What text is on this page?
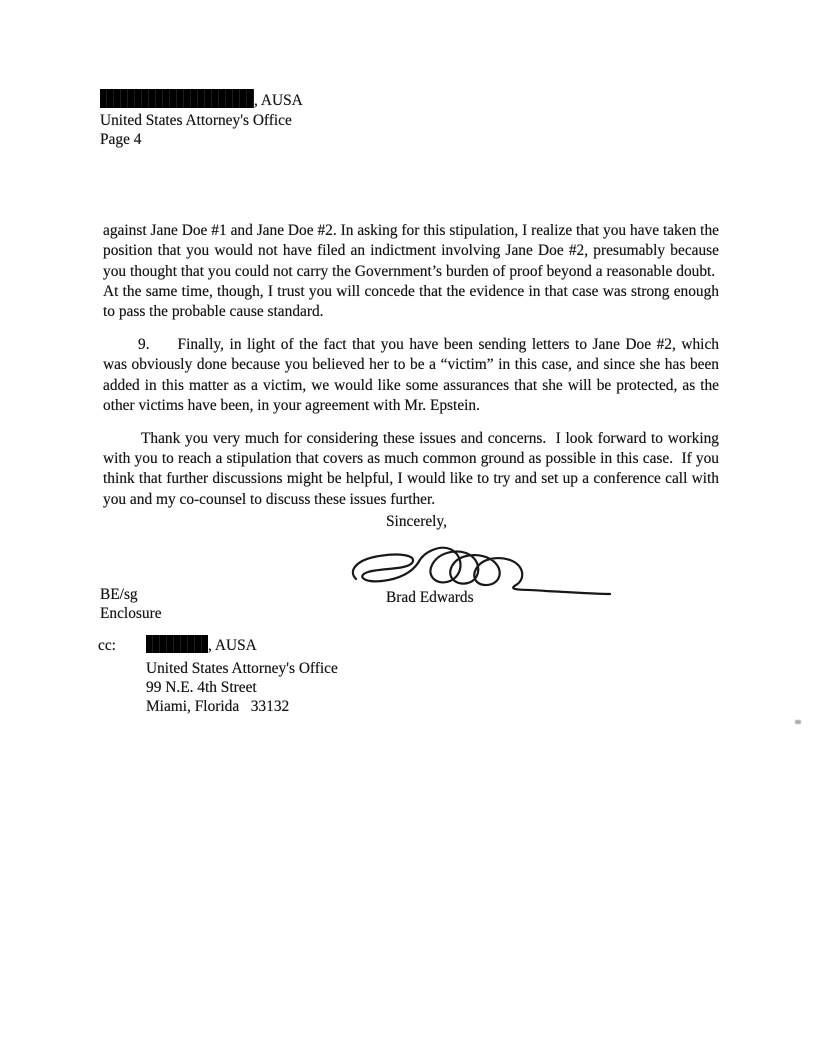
, AUSA
United States Attorney's Office
Page 4

against Jane Doe #1 and Jane Doe #2. In asking for this stipulation, I realize that you have taken the position that you would not have filed an indictment involving Jane Doe #2, presumably because you thought that you could not carry the Government’s burden of proof beyond a reasonable doubt.  At the same time, though, I trust you will concede that the evidence in that case was strong enough to pass the probable cause standard.

9. Finally, in light of the fact that you have been sending letters to Jane Doe #2, which was obviously done because you believed her to be a “victim” in this case, and since she has been added in this matter as a victim, we would like some assurances that she will be protected, as the other victims have been, in your agreement with Mr. Epstein.

Thank you very much for considering these issues and concerns.  I look forward to working with you to reach a stipulation that covers as much common ground as possible in this case.  If you think that further discussions might be helpful, I would like to try and set up a conference call with you and my co-counsel to discuss these issues further.

Sincerely,
Brad Edwards
BE/sg
Enclosure
cc:	, AUSA
United States Attorney's Office
99 N.E. 4th Street
Miami, Florida   33132
